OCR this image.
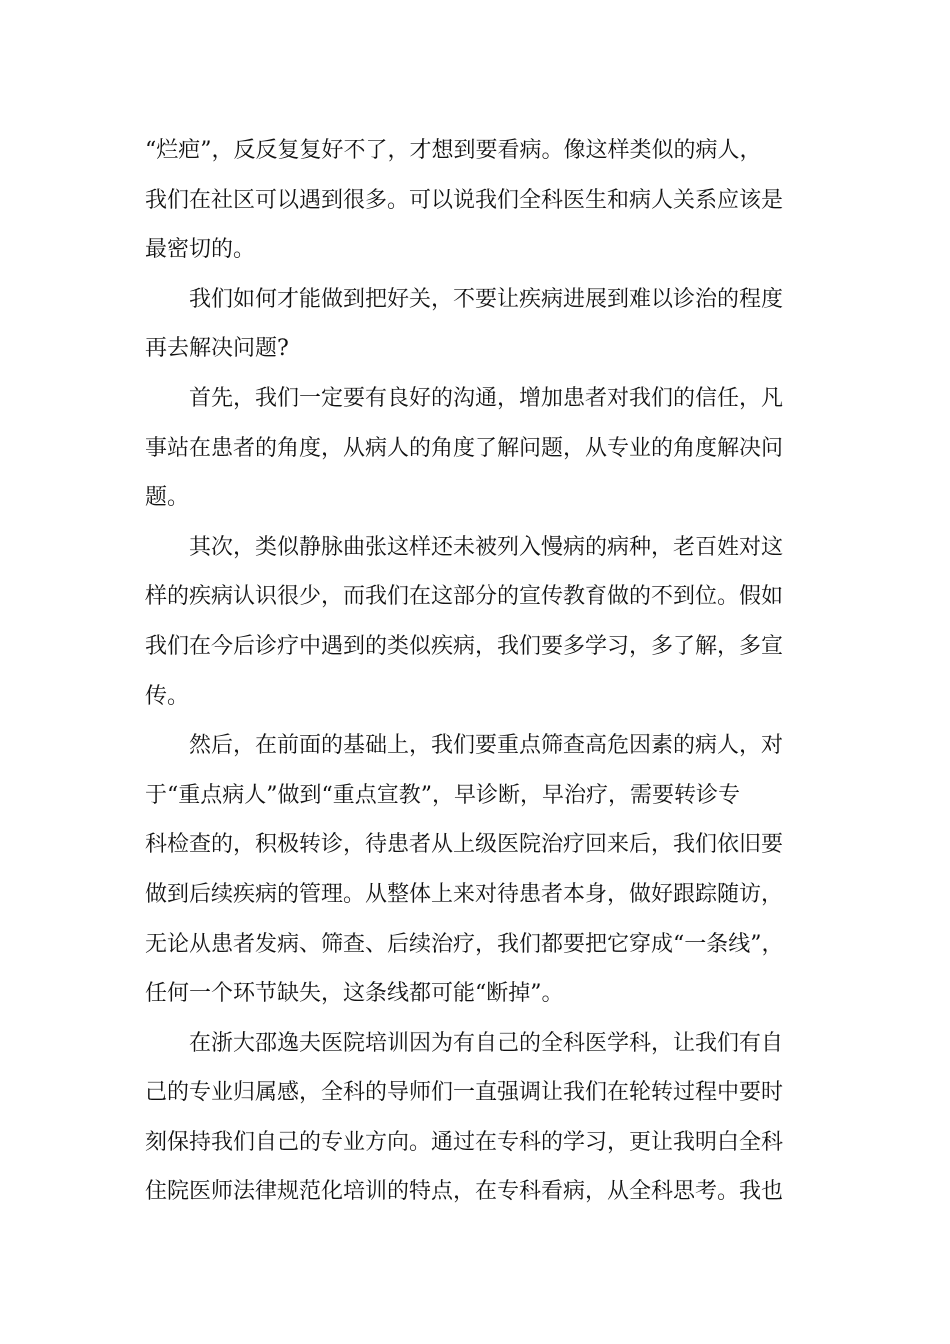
“烂疤”，反反复复好不了，才想到要看病。像这样类似的病人，
我们在社区可以遇到很多。可以说我们全科医生和病人关系应该是
最密切的。
我们如何才能做到把好关，不要让疾病进展到难以诊治的程度
再去解决问题?
首先，我们一定要有良好的沟通，增加患者对我们的信任，凡
事站在患者的角度，从病人的角度了解问题，从专业的角度解决问
题。
其次，类似静脉曲张这样还未被列入慢病的病种，老百姓对这
样的疾病认识很少，而我们在这部分的宣传教育做的不到位。假如
我们在今后诊疗中遇到的类似疾病，我们要多学习，多了解，多宣
传。
然后，在前面的基础上，我们要重点筛查高危因素的病人，对
于“重点病人”做到“重点宣教”，早诊断，早治疗，需要转诊专
科检查的，积极转诊，待患者从上级医院治疗回来后，我们依旧要
做到后续疾病的管理。从整体上来对待患者本身，做好跟踪随访，
无论从患者发病、筛查、后续治疗，我们都要把它穿成“一条线”，
任何一个环节缺失，这条线都可能“断掉”。
在浙大邵逸夫医院培训因为有自己的全科医学科，让我们有自
己的专业归属感，全科的导师们一直强调让我们在轮转过程中要时
刻保持我们自己的专业方向。通过在专科的学习，更让我明白全科
住院医师法律规范化培训的特点，在专科看病，从全科思考。我也
